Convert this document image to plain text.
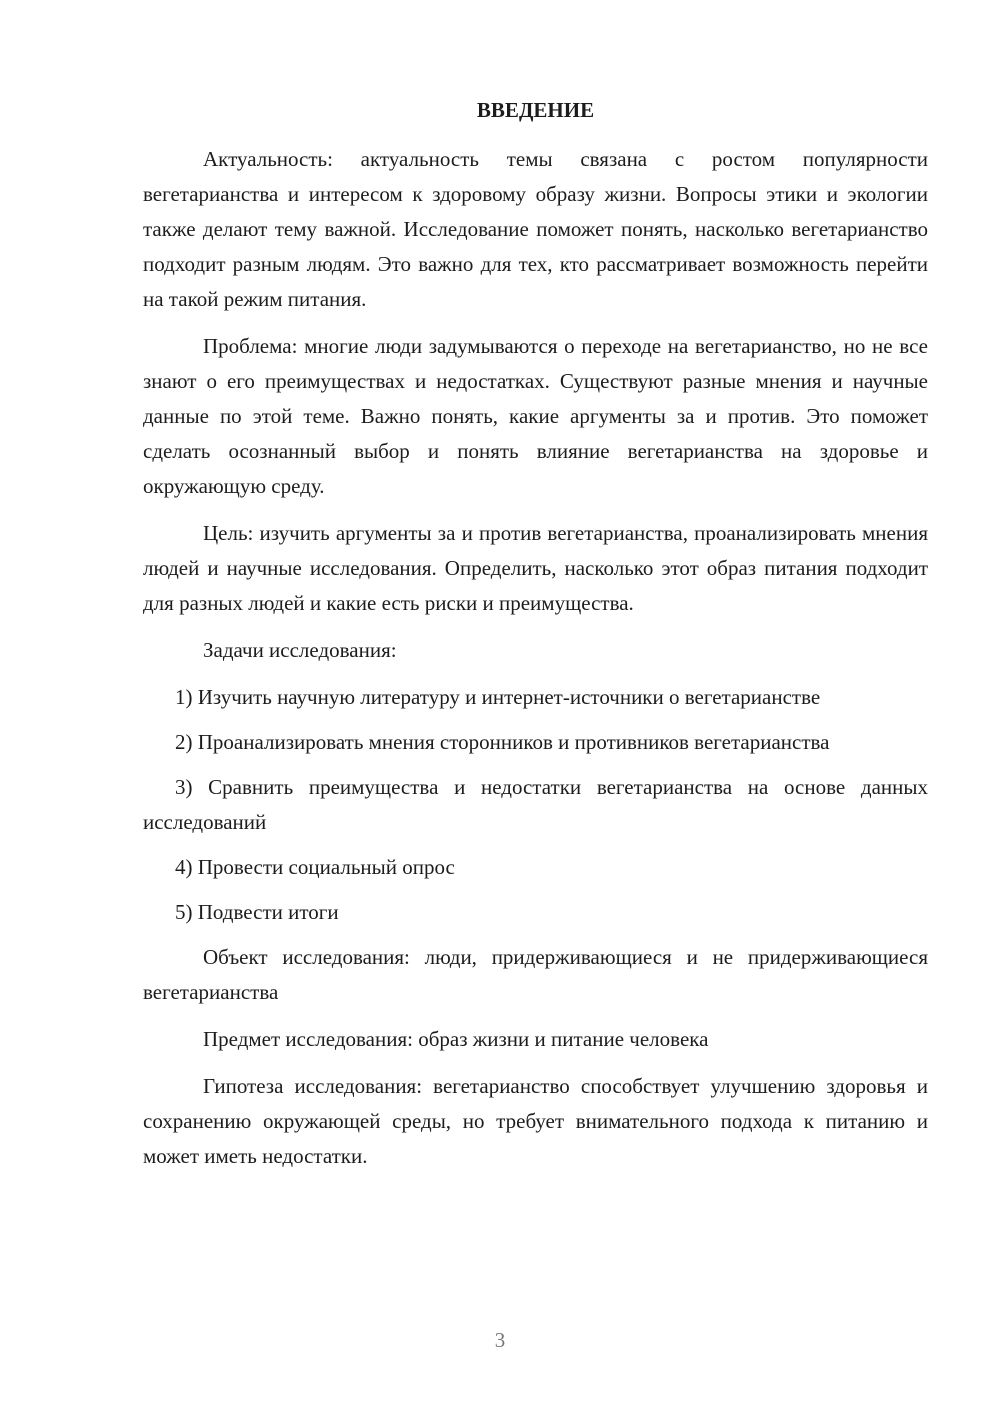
ВВЕДЕНИЕ

Актуальность: актуальность темы связана с ростом популярности вегетарианства и интересом к здоровому образу жизни. Вопросы этики и экологии также делают тему важной. Исследование поможет понять, насколько вегетарианство подходит разным людям. Это важно для тех, кто рассматривает возможность перейти на такой режим питания.

Проблема: многие люди задумываются о переходе на вегетарианство, но не все знают о его преимуществах и недостатках. Существуют разные мнения и научные данные по этой теме. Важно понять, какие аргументы за и против. Это поможет сделать осознанный выбор и понять влияние вегетарианства на здоровье и окружающую среду.

Цель: изучить аргументы за и против вегетарианства, проанализировать мнения людей и научные исследования. Определить, насколько этот образ питания подходит для разных людей и какие есть риски и преимущества.

Задачи исследования:

1) Изучить научную литературу и интернет-источники о вегетарианстве

2) Проанализировать мнения сторонников и противников вегетарианства

3) Сравнить преимущества и недостатки вегетарианства на основе данных исследований

4) Провести социальный опрос

5) Подвести итоги

Объект исследования: люди, придерживающиеся и не придерживающиеся вегетарианства

Предмет исследования: образ жизни и питание человека

Гипотеза исследования: вегетарианство способствует улучшению здоровья и сохранению окружающей среды, но требует внимательного подхода к питанию и может иметь недостатки.

3
